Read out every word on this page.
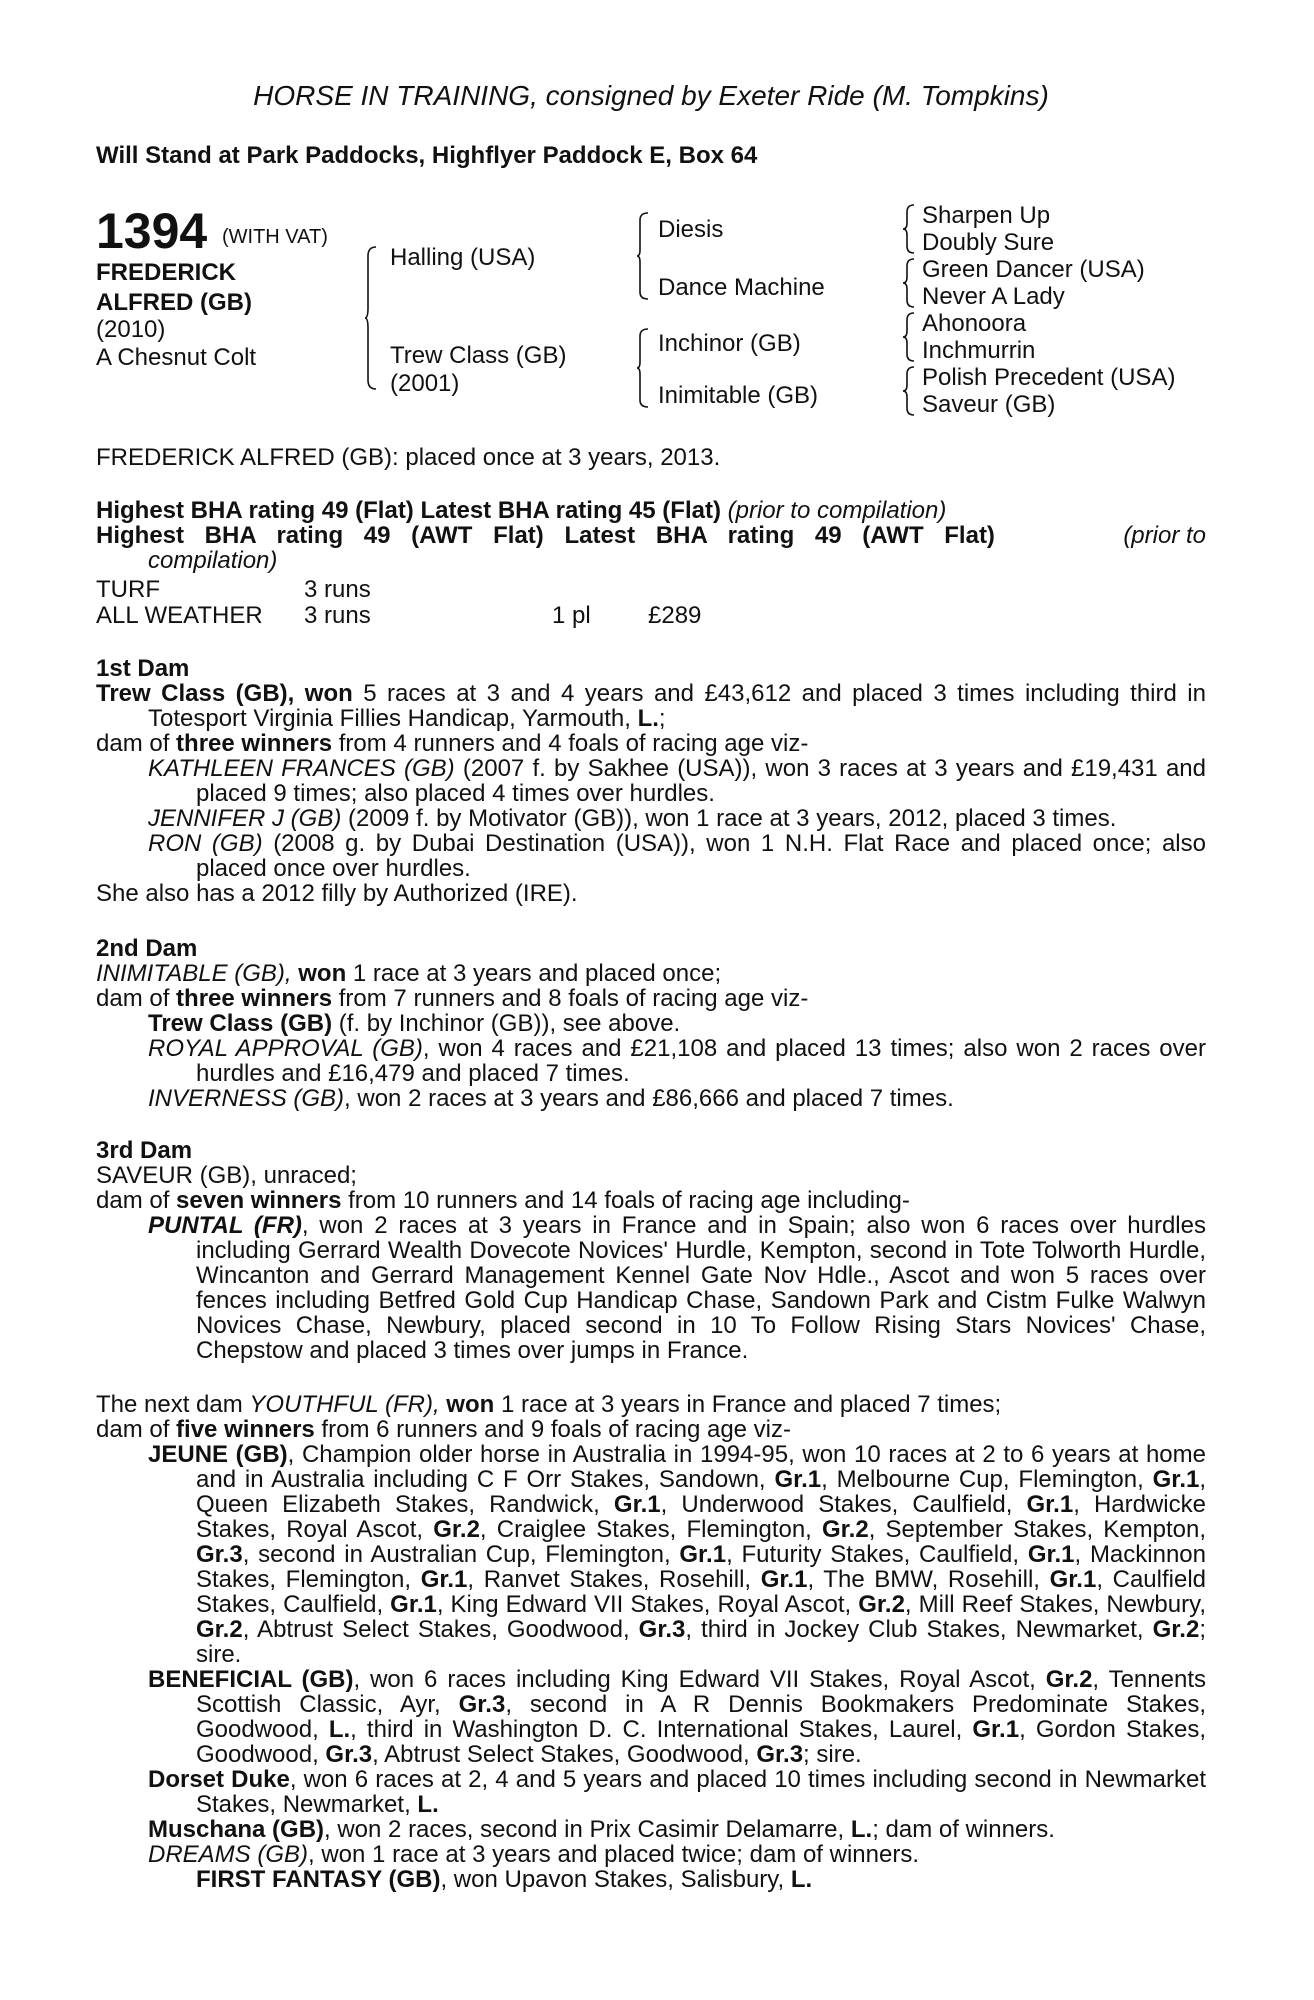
HORSE IN TRAINING, consigned by Exeter Ride (M. Tompkins)
Will Stand at Park Paddocks, Highflyer Paddock E, Box 64
1394 (WITH VAT)
FREDERICK
ALFRED (GB)
(2010)
A Chesnut Colt
Halling (USA)
Trew Class (GB)
(2001)
Diesis
Dance Machine
Inchinor (GB)
Inimitable (GB)
Sharpen Up
Doubly Sure
Green Dancer (USA)
Never A Lady
Ahonoora
Inchmurrin
Polish Precedent (USA)
Saveur (GB)
FREDERICK ALFRED (GB): placed once at 3 years, 2013.
Highest BHA rating 49 (Flat) Latest BHA rating 45 (Flat) (prior to compilation)
Highest BHA rating 49 (AWT Flat) Latest BHA rating 49 (AWT Flat)	(prior to
compilation)
TURF	3 runs
ALL WEATHER 3 runs	1 pl £289

1st Dam

Trew Class (GB), won 5 races at 3 and 4 years and £43,612 and placed 3 times including third in Totesport Virginia Fillies Handicap, Yarmouth, L.;

dam of three winners from 4 runners and 4 foals of racing age viz-

KATHLEEN FRANCES (GB) (2007 f. by Sakhee (USA)), won 3 races at 3 years and £19,431 and placed 9 times; also placed 4 times over hurdles.

JENNIFER J (GB) (2009 f. by Motivator (GB)), won 1 race at 3 years, 2012, placed 3 times.

RON (GB) (2008 g. by Dubai Destination (USA)), won 1 N.H. Flat Race and placed once; also placed once over hurdles.

She also has a 2012 filly by Authorized (IRE).

2nd Dam

INIMITABLE (GB), won 1 race at 3 years and placed once;

dam of three winners from 7 runners and 8 foals of racing age viz-

Trew Class (GB) (f. by Inchinor (GB)), see above.

ROYAL APPROVAL (GB), won 4 races and £21,108 and placed 13 times; also won 2 races over hurdles and £16,479 and placed 7 times.

INVERNESS (GB), won 2 races at 3 years and £86,666 and placed 7 times.

3rd Dam

SAVEUR (GB), unraced;

dam of seven winners from 10 runners and 14 foals of racing age including-

PUNTAL (FR), won 2 races at 3 years in France and in Spain; also won 6 races over hurdles including Gerrard Wealth Dovecote Novices' Hurdle, Kempton, second in Tote Tolworth Hurdle, Wincanton and Gerrard Management Kennel Gate Nov Hdle., Ascot and won 5 races over fences including Betfred Gold Cup Handicap Chase, Sandown Park and Cistm Fulke Walwyn Novices Chase, Newbury, placed second in 10 To Follow Rising Stars Novices' Chase, Chepstow and placed 3 times over jumps in France.

The next dam YOUTHFUL (FR), won 1 race at 3 years in France and placed 7 times;

dam of five winners from 6 runners and 9 foals of racing age viz-

JEUNE (GB), Champion older horse in Australia in 1994-95, won 10 races at 2 to 6 years at home and in Australia including C F Orr Stakes, Sandown, Gr.1, Melbourne Cup, Flemington, Gr.1, Queen Elizabeth Stakes, Randwick, Gr.1, Underwood Stakes, Caulfield, Gr.1, Hardwicke Stakes, Royal Ascot, Gr.2, Craiglee Stakes, Flemington, Gr.2, September Stakes, Kempton, Gr.3, second in Australian Cup, Flemington, Gr.1, Futurity Stakes, Caulfield, Gr.1, Mackinnon Stakes, Flemington, Gr.1, Ranvet Stakes, Rosehill, Gr.1, The BMW, Rosehill, Gr.1, Caulfield Stakes, Caulfield, Gr.1, King Edward VII Stakes, Royal Ascot, Gr.2, Mill Reef Stakes, Newbury, Gr.2, Abtrust Select Stakes, Goodwood, Gr.3, third in Jockey Club Stakes, Newmarket, Gr.2; sire.

BENEFICIAL (GB), won 6 races including King Edward VII Stakes, Royal Ascot, Gr.2, Tennents Scottish Classic, Ayr, Gr.3, second in A R Dennis Bookmakers Predominate Stakes, Goodwood, L., third in Washington D. C. International Stakes, Laurel, Gr.1, Gordon Stakes, Goodwood, Gr.3, Abtrust Select Stakes, Goodwood, Gr.3; sire.

Dorset Duke, won 6 races at 2, 4 and 5 years and placed 10 times including second in Newmarket Stakes, Newmarket, L.

Muschana (GB), won 2 races, second in Prix Casimir Delamarre, L.; dam of winners.

DREAMS (GB), won 1 race at 3 years and placed twice; dam of winners.

FIRST FANTASY (GB), won Upavon Stakes, Salisbury, L.
